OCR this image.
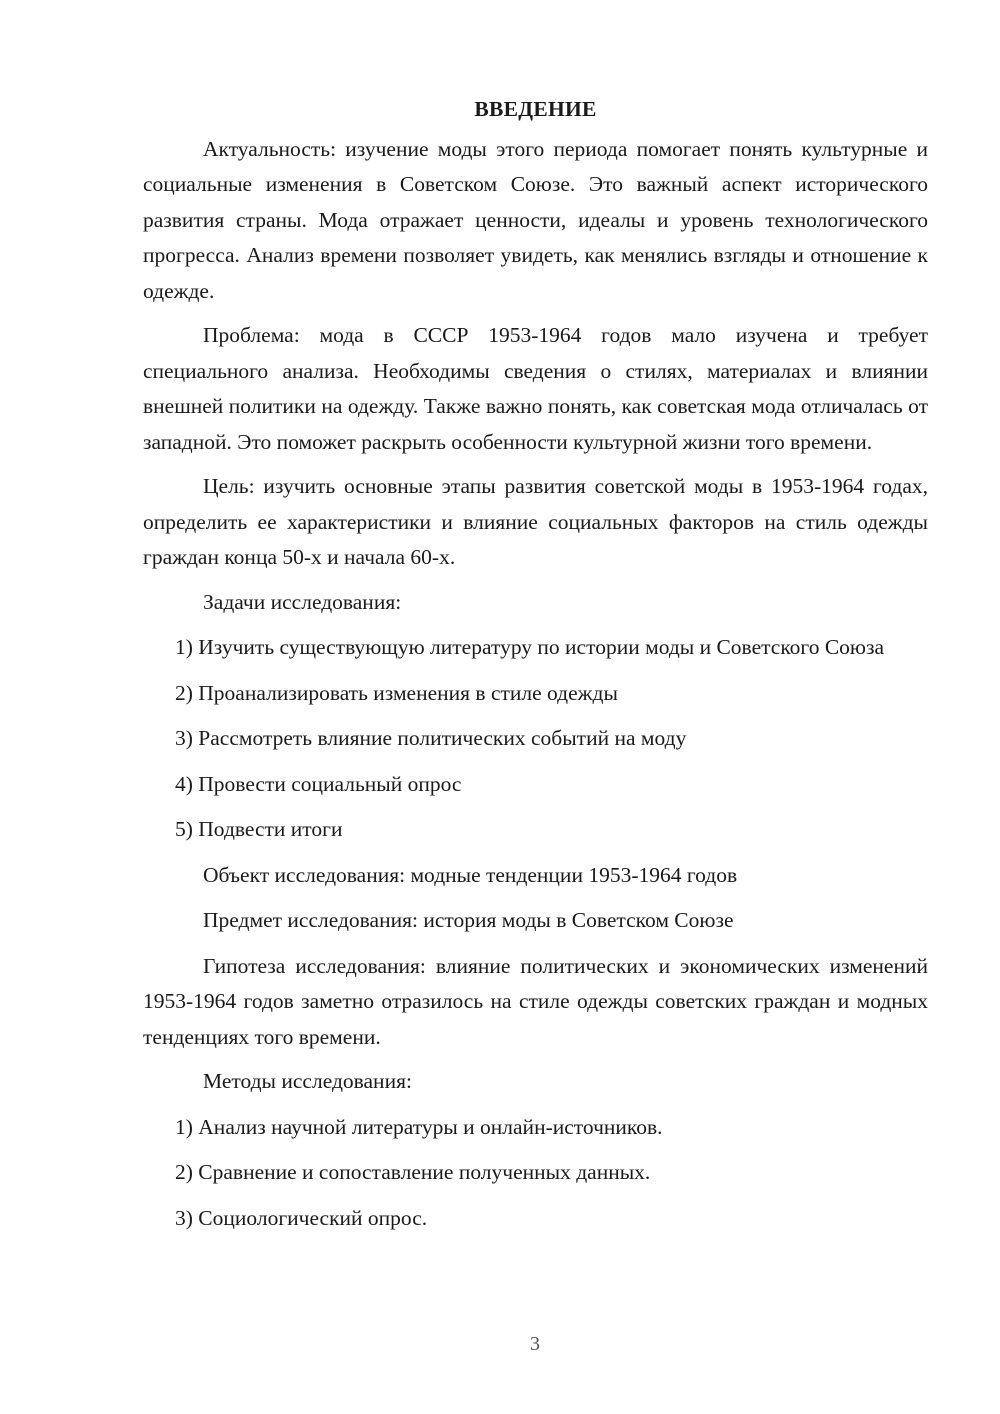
ВВЕДЕНИЕ

Актуальность: изучение моды этого периода помогает понять культурные и социальные изменения в Советском Союзе. Это важный аспект исторического развития страны. Мода отражает ценности, идеалы и уровень технологического прогресса. Анализ времени позволяет увидеть, как менялись взгляды и отношение к одежде.

Проблема: мода в СССР 1953-1964 годов мало изучена и требует специального анализа. Необходимы сведения о стилях, материалах и влиянии внешней политики на одежду. Также важно понять, как советская мода отличалась от западной. Это поможет раскрыть особенности культурной жизни того времени.

Цель: изучить основные этапы развития советской моды в 1953-1964 годах, определить ее характеристики и влияние социальных факторов на стиль одежды граждан конца 50-х и начала 60-х.

Задачи исследования:

1) Изучить существующую литературу по истории моды и Советского Союза

2) Проанализировать изменения в стиле одежды

3) Рассмотреть влияние политических событий на моду

4) Провести социальный опрос

5) Подвести итоги

Объект исследования: модные тенденции 1953-1964 годов

Предмет исследования: история моды в Советском Союзе

Гипотеза исследования: влияние политических и экономических изменений 1953-1964 годов заметно отразилось на стиле одежды советских граждан и модных тенденциях того времени.

Методы исследования:

1) Анализ научной литературы и онлайн-источников.

2) Сравнение и сопоставление полученных данных.

3) Социологический опрос.

3
